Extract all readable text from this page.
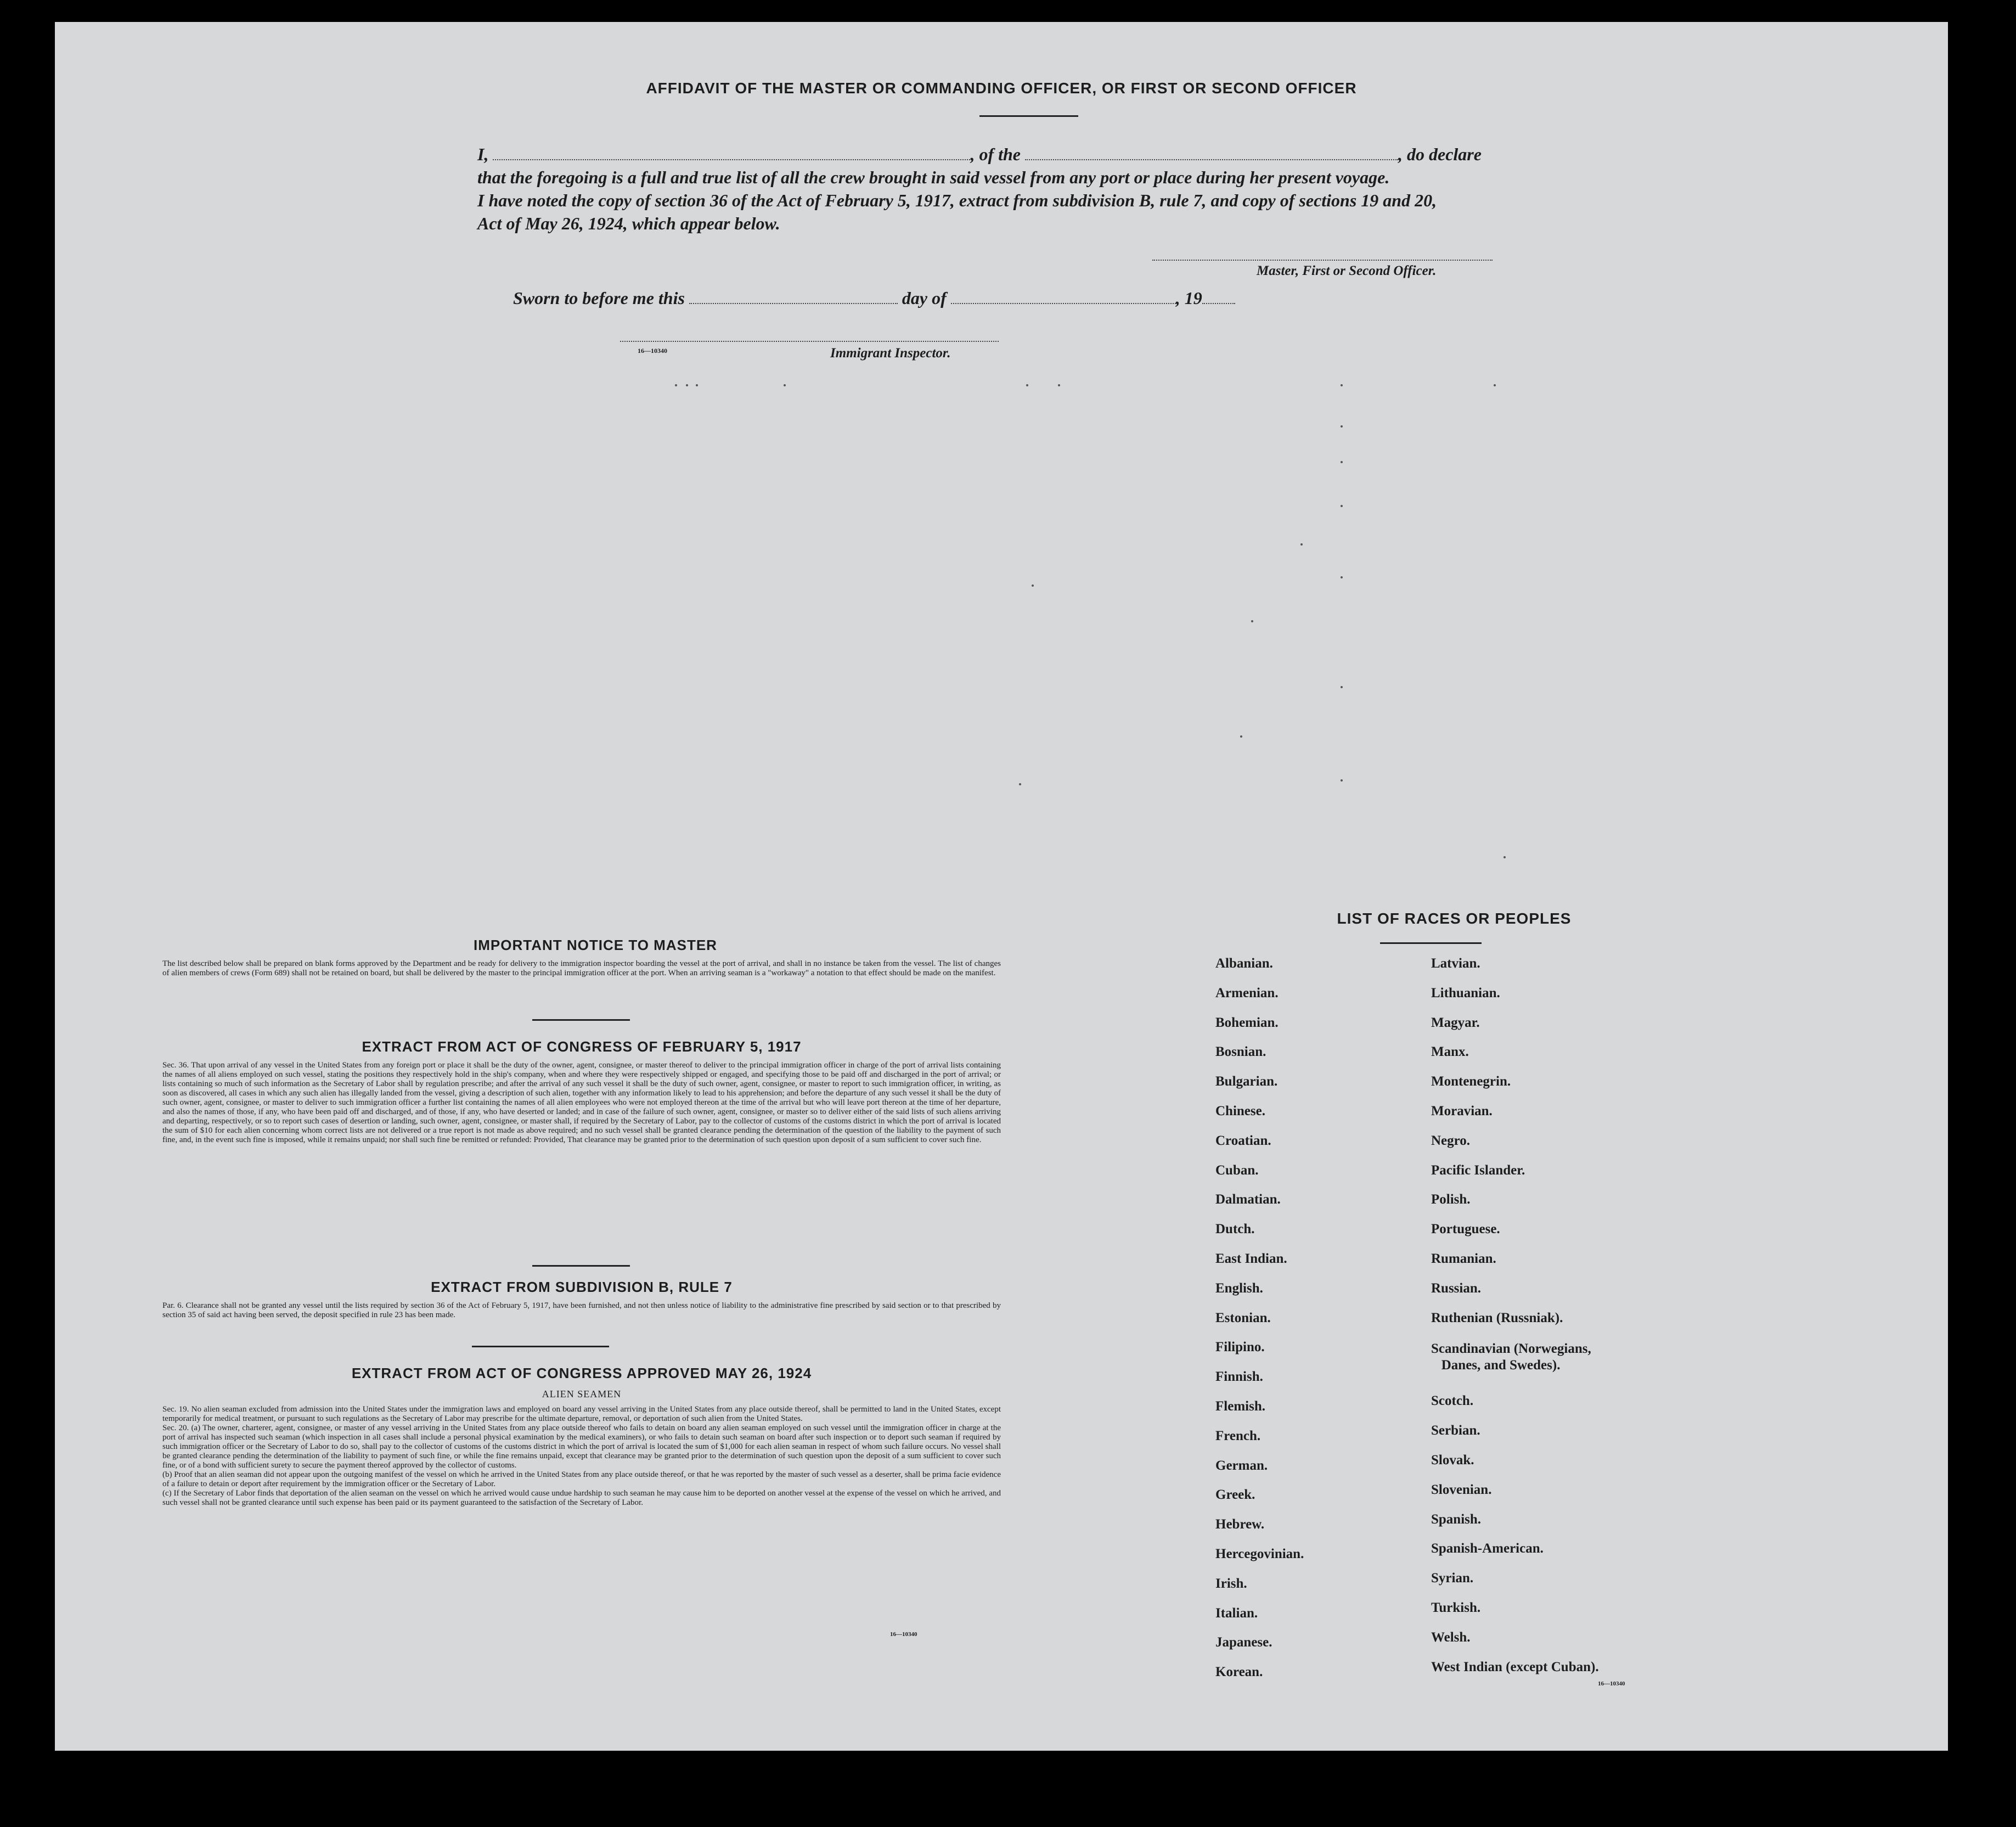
AFFIDAVIT OF THE MASTER OR COMMANDING OFFICER, OR FIRST OR SECOND OFFICER
I,	, of the	, do declare
that the foregoing is a full and true list of all the crew brought in said vessel from any port or place during her present voyage.
I have noted the copy of section 36 of the Act of February 5, 1917, extract from subdivision B, rule 7, and copy of sections 19 and 20,
Act of May 26, 1924, which appear below.
Master, First or Second Officer.
Sworn to before me this	day of	, 19
16—10340	Immigrant Inspector.
IMPORTANT NOTICE TO MASTER
The list described below shall be prepared on blank forms approved by the Department and be ready for delivery to the immigration inspector boarding the vessel at the port of arrival, and shall in no instance be taken from the vessel. The list of changes of alien members of crews (Form 689) shall not be retained on board, but shall be delivered by the master to the principal immigration officer at the port. When an arriving seaman is a "workaway" a notation to that effect should be made on the manifest.
EXTRACT FROM ACT OF CONGRESS OF FEBRUARY 5, 1917
Sec. 36. That upon arrival of any vessel in the United States from any foreign port or place it shall be the duty of the owner, agent, consignee, or master thereof to deliver to the principal immigration officer in charge of the port of arrival lists containing the names of all aliens employed on such vessel, stating the positions they respectively hold in the ship's company, when and where they were respectively shipped or engaged, and specifying those to be paid off and discharged in the port of arrival; or lists containing so much of such information as the Secretary of Labor shall by regulation prescribe; and after the arrival of any such vessel it shall be the duty of such owner, agent, consignee, or master to report to such immigration officer, in writing, as soon as discovered, all cases in which any such alien has illegally landed from the vessel, giving a description of such alien, together with any information likely to lead to his apprehension; and before the departure of any such vessel it shall be the duty of such owner, agent, consignee, or master to deliver to such immigration officer a further list containing the names of all alien employees who were not employed thereon at the time of the arrival but who will leave port thereon at the time of her departure, and also the names of those, if any, who have been paid off and discharged, and of those, if any, who have deserted or landed; and in case of the failure of such owner, agent, consignee, or master so to deliver either of the said lists of such aliens arriving and departing, respectively, or so to report such cases of desertion or landing, such owner, agent, consignee, or master shall, if required by the Secretary of Labor, pay to the collector of customs of the customs district in which the port of arrival is located the sum of $10 for each alien concerning whom correct lists are not delivered or a true report is not made as above required; and no such vessel shall be granted clearance pending the determination of the question of the liability to the payment of such fine, and, in the event such fine is imposed, while it remains unpaid; nor shall such fine be remitted or refunded: Provided, That clearance may be granted prior to the determination of such question upon deposit of a sum sufficient to cover such fine.
EXTRACT FROM SUBDIVISION B, RULE 7
Par. 6. Clearance shall not be granted any vessel until the lists required by section 36 of the Act of February 5, 1917, have been furnished, and not then unless notice of liability to the administrative fine prescribed by said section or to that prescribed by section 35 of said act having been served, the deposit specified in rule 23 has been made.
EXTRACT FROM ACT OF CONGRESS APPROVED MAY 26, 1924
ALIEN SEAMEN
Sec. 19. No alien seaman excluded from admission into the United States under the immigration laws and employed on board any vessel arriving in the United States from any place outside thereof, shall be permitted to land in the United States, except temporarily for medical treatment, or pursuant to such regulations as the Secretary of Labor may prescribe for the ultimate departure, removal, or deportation of such alien from the United States.
Sec. 20. (a) The owner, charterer, agent, consignee, or master of any vessel arriving in the United States from any place outside thereof who fails to detain on board any alien seaman employed on such vessel until the immigration officer in charge at the port of arrival has inspected such seaman (which inspection in all cases shall include a personal physical examination by the medical examiners), or who fails to detain such seaman on board after such inspection or to deport such seaman if required by such immigration officer or the Secretary of Labor to do so, shall pay to the collector of customs of the customs district in which the port of arrival is located the sum of $1,000 for each alien seaman in respect of whom such failure occurs. No vessel shall be granted clearance pending the determination of the liability to payment of such fine, or while the fine remains unpaid, except that clearance may be granted prior to the determination of such question upon the deposit of a sum sufficient to cover such fine, or of a bond with sufficient surety to secure the payment thereof approved by the collector of customs.
(b) Proof that an alien seaman did not appear upon the outgoing manifest of the vessel on which he arrived in the United States from any place outside thereof, or that he was reported by the master of such vessel as a deserter, shall be prima facie evidence of a failure to detain or deport after requirement by the immigration officer or the Secretary of Labor.
(c) If the Secretary of Labor finds that deportation of the alien seaman on the vessel on which he arrived would cause undue hardship to such seaman he may cause him to be deported on another vessel at the expense of the vessel on which he arrived, and such vessel shall not be granted clearance until such expense has been paid or its payment guaranteed to the satisfaction of the Secretary of Labor.
16—10340
LIST OF RACES OR PEOPLES
Albanian.
Armenian.
Bohemian.
Bosnian.
Bulgarian.
Chinese.
Croatian.
Cuban.
Dalmatian.
Dutch.
East Indian.
English.
Estonian.
Filipino.
Finnish.
Flemish.
French.
German.
Greek.
Hebrew.
Hercegovinian.
Irish.
Italian.
Japanese.
Korean.
Latvian.
Lithuanian.
Magyar.
Manx.
Montenegrin.
Moravian.
Negro.
Pacific Islander.
Polish.
Portuguese.
Rumanian.
Russian.
Ruthenian (Russniak).
Scandinavian (Norwegians,
Danes, and Swedes).
Scotch.
Serbian.
Slovak.
Slovenian.
Spanish.
Spanish-American.
Syrian.
Turkish.
Welsh.
West Indian (except Cuban).
16—10340
